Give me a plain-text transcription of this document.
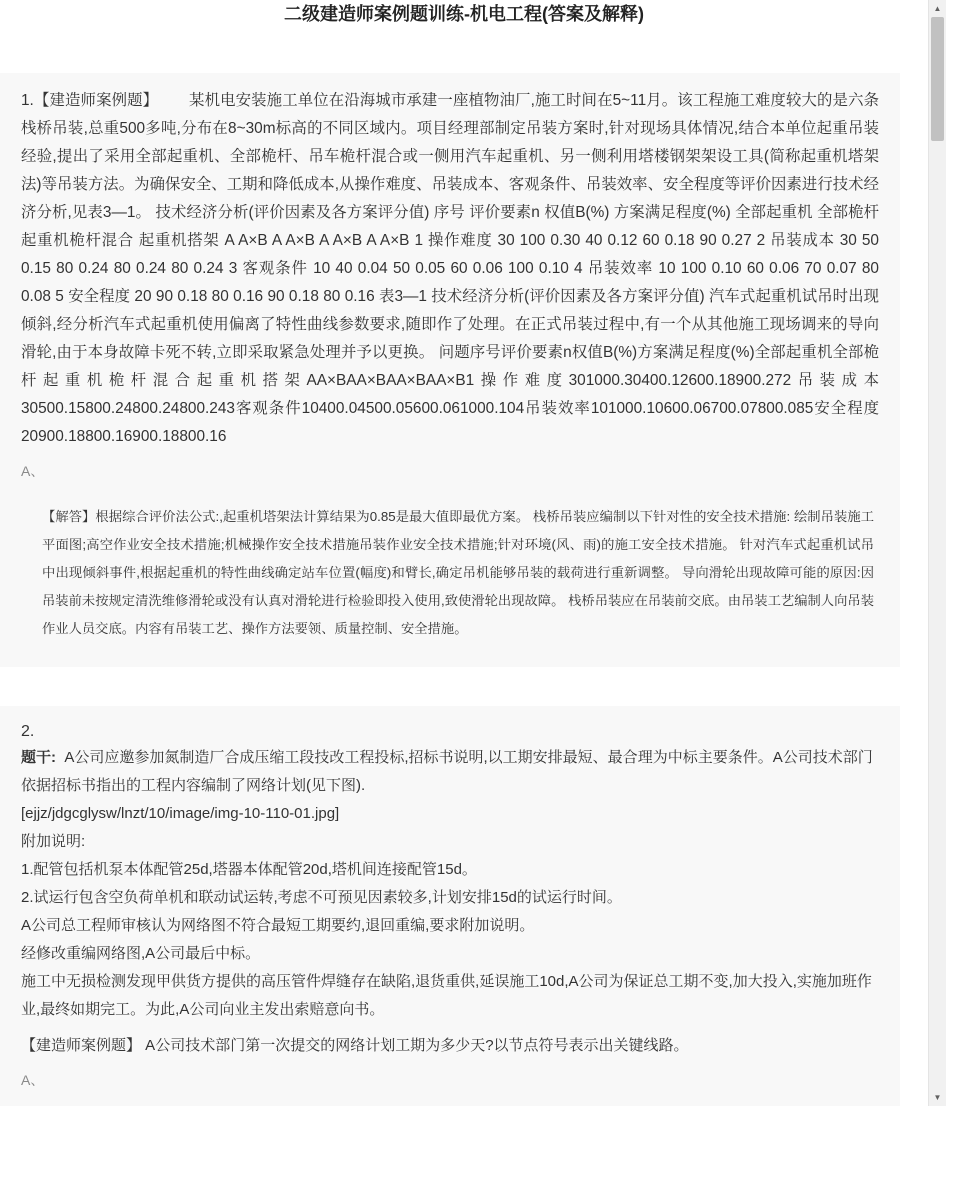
二级建造师案例题训练-机电工程(答案及解释)
1.【建造师案例题】 某机电安装施工单位在沿海城市承建一座植物油厂,施工时间在5~11月。该工程施工难度较大的是六条栈桥吊装,总重500多吨,分布在8~30m标高的不同区域内。项目经理部制定吊装方案时,针对现场具体情况,结合本单位起重吊装经验,提出了采用全部起重机、全部桅杆、吊车桅杆混合或一侧用汽车起重机、另一侧利用塔楼钢架架设工具(简称起重机塔架法)等吊装方法。为确保安全、工期和降低成本,从操作难度、吊装成本、客观条件、吊装效率、安全程度等评价因素进行技术经济分析,见表3—1。 技术经济分析(评价因素及各方案评分值) 序号 评价要素n 权值B(%) 方案满足程度(%) 全部起重机 全部桅杆 起重机桅杆混合 起重机搭架 A A×B A A×B A A×B A A×B 1 操作难度 30 100 0.30 40 0.12 60 0.18 90 0.27 2 吊装成本 30 50 0.15 80 0.24 80 0.24 80 0.24 3 客观条件 10 40 0.04 50 0.05 60 0.06 100 0.10 4 吊装效率 10 100 0.10 60 0.06 70 0.07 80 0.08 5 安全程度 20 90 0.18 80 0.16 90 0.18 80 0.16 表3—1 技术经济分析(评价因素及各方案评分值) 汽车式起重机试吊时出现倾斜,经分析汽车式起重机使用偏离了特性曲线参数要求,随即作了处理。在正式吊装过程中,有一个从其他施工现场调来的导向滑轮,由于本身故障卡死不转,立即采取紧急处理并予以更换。 问题序号评价要素n权值B(%)方案满足程度(%)全部起重机全部桅杆起重机桅杆混合起重机搭架AA×BAA×BAA×BAA×B1操作难度301000.30400.12600.18900.272吊装成本30500.15800.24800.24800.243客观条件10400.04500.05600.061000.104吊装效率101000.10600.06700.07800.085安全程度20900.18800.16900.18800.16
A、
【解答】根据综合评价法公式:,起重机塔架法计算结果为0.85是最大值即最优方案。 栈桥吊装应编制以下针对性的安全技术措施: 绘制吊装施工平面图;高空作业安全技术措施;机械操作安全技术措施吊装作业安全技术措施;针对环境(风、雨)的施工安全技术措施。 针对汽车式起重机试吊中出现倾斜事件,根据起重机的特性曲线确定站车位置(幅度)和臂长,确定吊机能够吊装的载荷进行重新调整。 导向滑轮出现故障可能的原因:因吊装前未按规定清洗维修滑轮或没有认真对滑轮进行检验即投入使用,致使滑轮出现故障。 栈桥吊装应在吊装前交底。由吊装工艺编制人向吊装作业人员交底。内容有吊装工艺、操作方法要领、质量控制、安全措施。
2.
题干: A公司应邀参加氮制造厂合成压缩工段技改工程投标,招标书说明,以工期安排最短、最合理为中标主要条件。A公司技术部门依据招标书指出的工程内容编制了网络计划(见下图).
[ejjz/jdgcglysw/lnzt/10/image/img-10-110-01.jpg]
附加说明:
1.配管包括机泵本体配管25d,塔器本体配管20d,塔机间连接配管15d。
2.试运行包含空负荷单机和联动试运转,考虑不可预见因素较多,计划安排15d的试运行时间。
A公司总工程师审核认为网络图不符合最短工期要约,退回重编,要求附加说明。
经修改重编网络图,A公司最后中标。
施工中无损检测发现甲供货方提供的高压管件焊缝存在缺陷,退货重供,延误施工10d,A公司为保证总工期不变,加大投入,实施加班作业,最终如期完工。为此,A公司向业主发出索赔意向书。
【建造师案例题】 A公司技术部门第一次提交的网络计划工期为多少天?以节点符号表示出关键线路。
A、
▲
▼
